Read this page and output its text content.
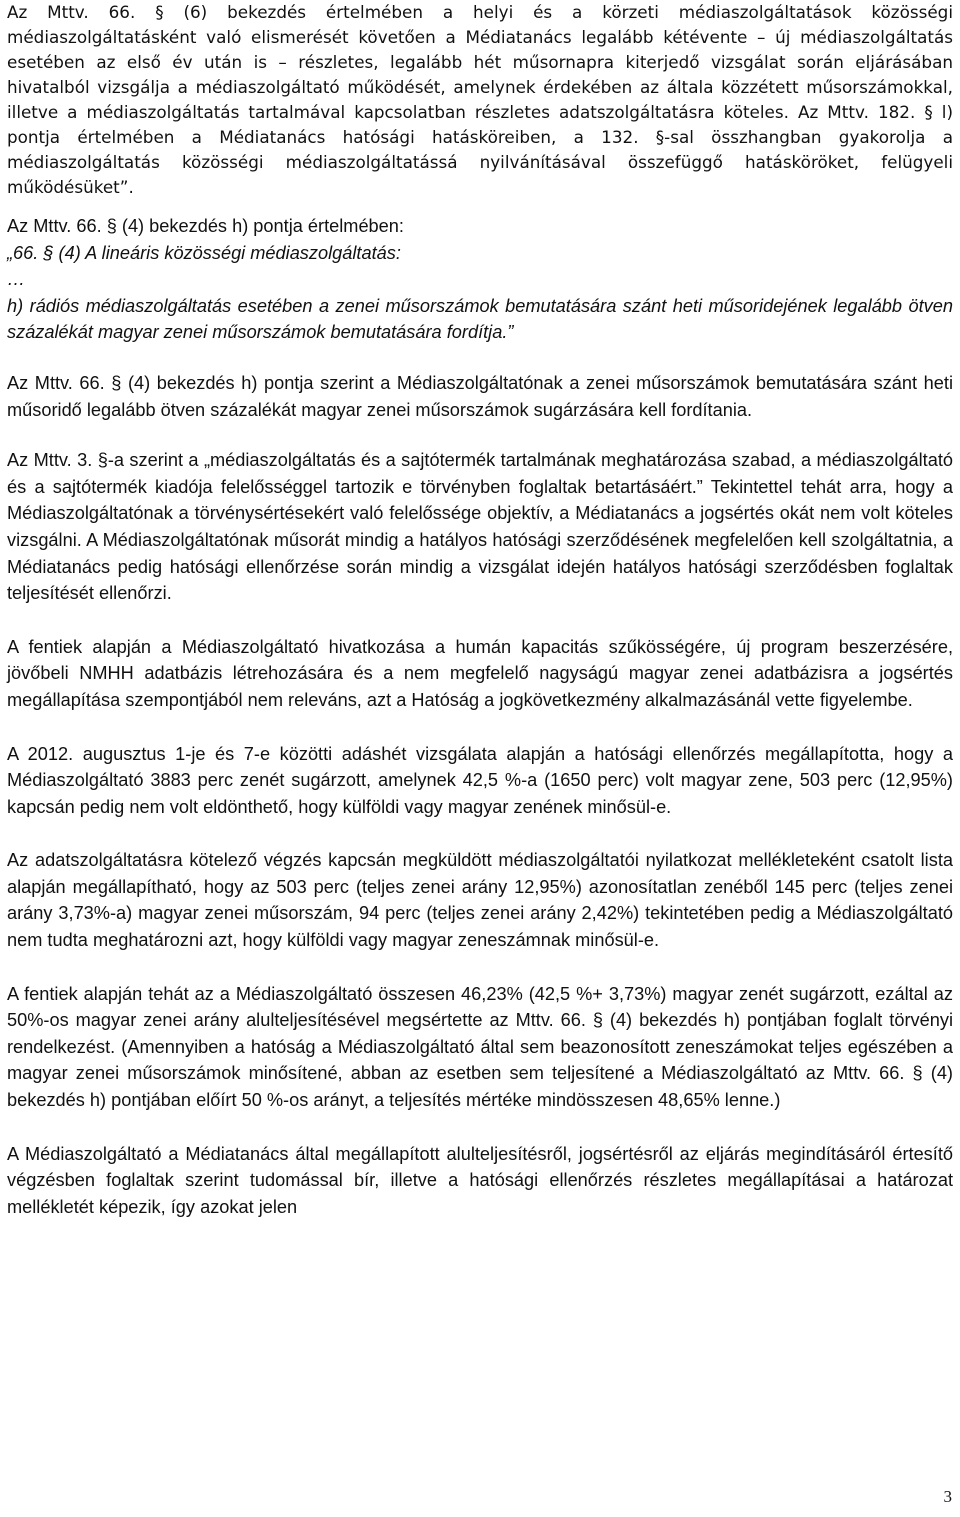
Az Mttv. 66. § (6) bekezdés értelmében a helyi és a körzeti médiaszolgáltatások közösségi médiaszolgáltatásként való elismerését követően a Médiatanács legalább kétévente – új médiaszolgáltatás esetében az első év után is – részletes, legalább hét műsornapra kiterjedő vizsgálat során eljárásában hivatalból vizsgálja a médiaszolgáltató működését, amelynek érdekében az általa közzétett műsorszámokkal, illetve a médiaszolgáltatás tartalmával kapcsolatban részletes adatszolgáltatásra köteles. Az Mttv. 182. § l) pontja értelmében a Médiatanács hatósági hatásköreiben, a 132. §-sal összhangban gyakorolja a médiaszolgáltatás közösségi médiaszolgáltatássá nyilvánításával összefüggő hatásköröket, felügyeli működésüket”.

Az Mttv. 66. § (4) bekezdés h) pontja értelmében:

„66. § (4) A lineáris közösségi médiaszolgáltatás:

…

h) rádiós médiaszolgáltatás esetében a zenei műsorszámok bemutatására szánt heti műsoridejének legalább ötven százalékát magyar zenei műsorszámok bemutatására fordítja.”

Az Mttv. 66. § (4) bekezdés h) pontja szerint a Médiaszolgáltatónak a zenei műsorszámok bemutatására szánt heti műsoridő legalább ötven százalékát magyar zenei műsorszámok sugárzására kell fordítania.

Az Mttv. 3. §-a szerint a „médiaszolgáltatás és a sajtótermék tartalmának meghatározása szabad, a médiaszolgáltató és a sajtótermék kiadója felelősséggel tartozik e törvényben foglaltak betartásáért.” Tekintettel tehát arra, hogy a Médiaszolgáltatónak a törvénysértésekért való felelőssége objektív, a Médiatanács a jogsértés okát nem volt köteles vizsgálni. A Médiaszolgáltatónak műsorát mindig a hatályos hatósági szerződésének megfelelően kell szolgáltatnia, a Médiatanács pedig hatósági ellenőrzése során mindig a vizsgálat idején hatályos hatósági szerződésben foglaltak teljesítését ellenőrzi.

A fentiek alapján a Médiaszolgáltató hivatkozása a humán kapacitás szűkösségére, új program beszerzésére, jövőbeli NMHH adatbázis létrehozására és a nem megfelelő nagyságú magyar zenei adatbázisra a jogsértés megállapítása szempontjából nem releváns, azt a Hatóság a jogkövetkezmény alkalmazásánál vette figyelembe.

A 2012. augusztus 1-je és 7-e közötti adáshét vizsgálata alapján a hatósági ellenőrzés megállapította, hogy a Médiaszolgáltató 3883 perc zenét sugárzott, amelynek 42,5 %-a (1650 perc) volt magyar zene, 503 perc (12,95%) kapcsán pedig nem volt eldönthető, hogy külföldi vagy magyar zenének minősül-e.

Az adatszolgáltatásra kötelező végzés kapcsán megküldött médiaszolgáltatói nyilatkozat mellékleteként csatolt lista alapján megállapítható, hogy az 503 perc (teljes zenei arány 12,95%) azonosítatlan zenéből 145 perc (teljes zenei arány 3,73%-a) magyar zenei műsorszám, 94 perc (teljes zenei arány 2,42%) tekintetében pedig a Médiaszolgáltató nem tudta meghatározni azt, hogy külföldi vagy magyar zeneszámnak minősül-e.

A fentiek alapján tehát az a Médiaszolgáltató összesen 46,23% (42,5 %+ 3,73%) magyar zenét sugárzott, ezáltal az 50%-os magyar zenei arány alulteljesítésével megsértette az Mttv. 66. § (4) bekezdés h) pontjában foglalt törvényi rendelkezést. (Amennyiben a hatóság a Médiaszolgáltató által sem beazonosított zeneszámokat teljes egészében a magyar zenei műsorszámok minősítené, abban az esetben sem teljesítené a Médiaszolgáltató az Mttv. 66. § (4) bekezdés h) pontjában előírt 50 %-os arányt, a teljesítés mértéke mindösszesen 48,65% lenne.)

A Médiaszolgáltató a Médiatanács által megállapított alulteljesítésről, jogsértésről az eljárás megindításáról értesítő végzésben foglaltak szerint tudomással bír, illetve a hatósági ellenőrzés részletes megállapításai a határozat mellékletét képezik, így azokat jelen

3
